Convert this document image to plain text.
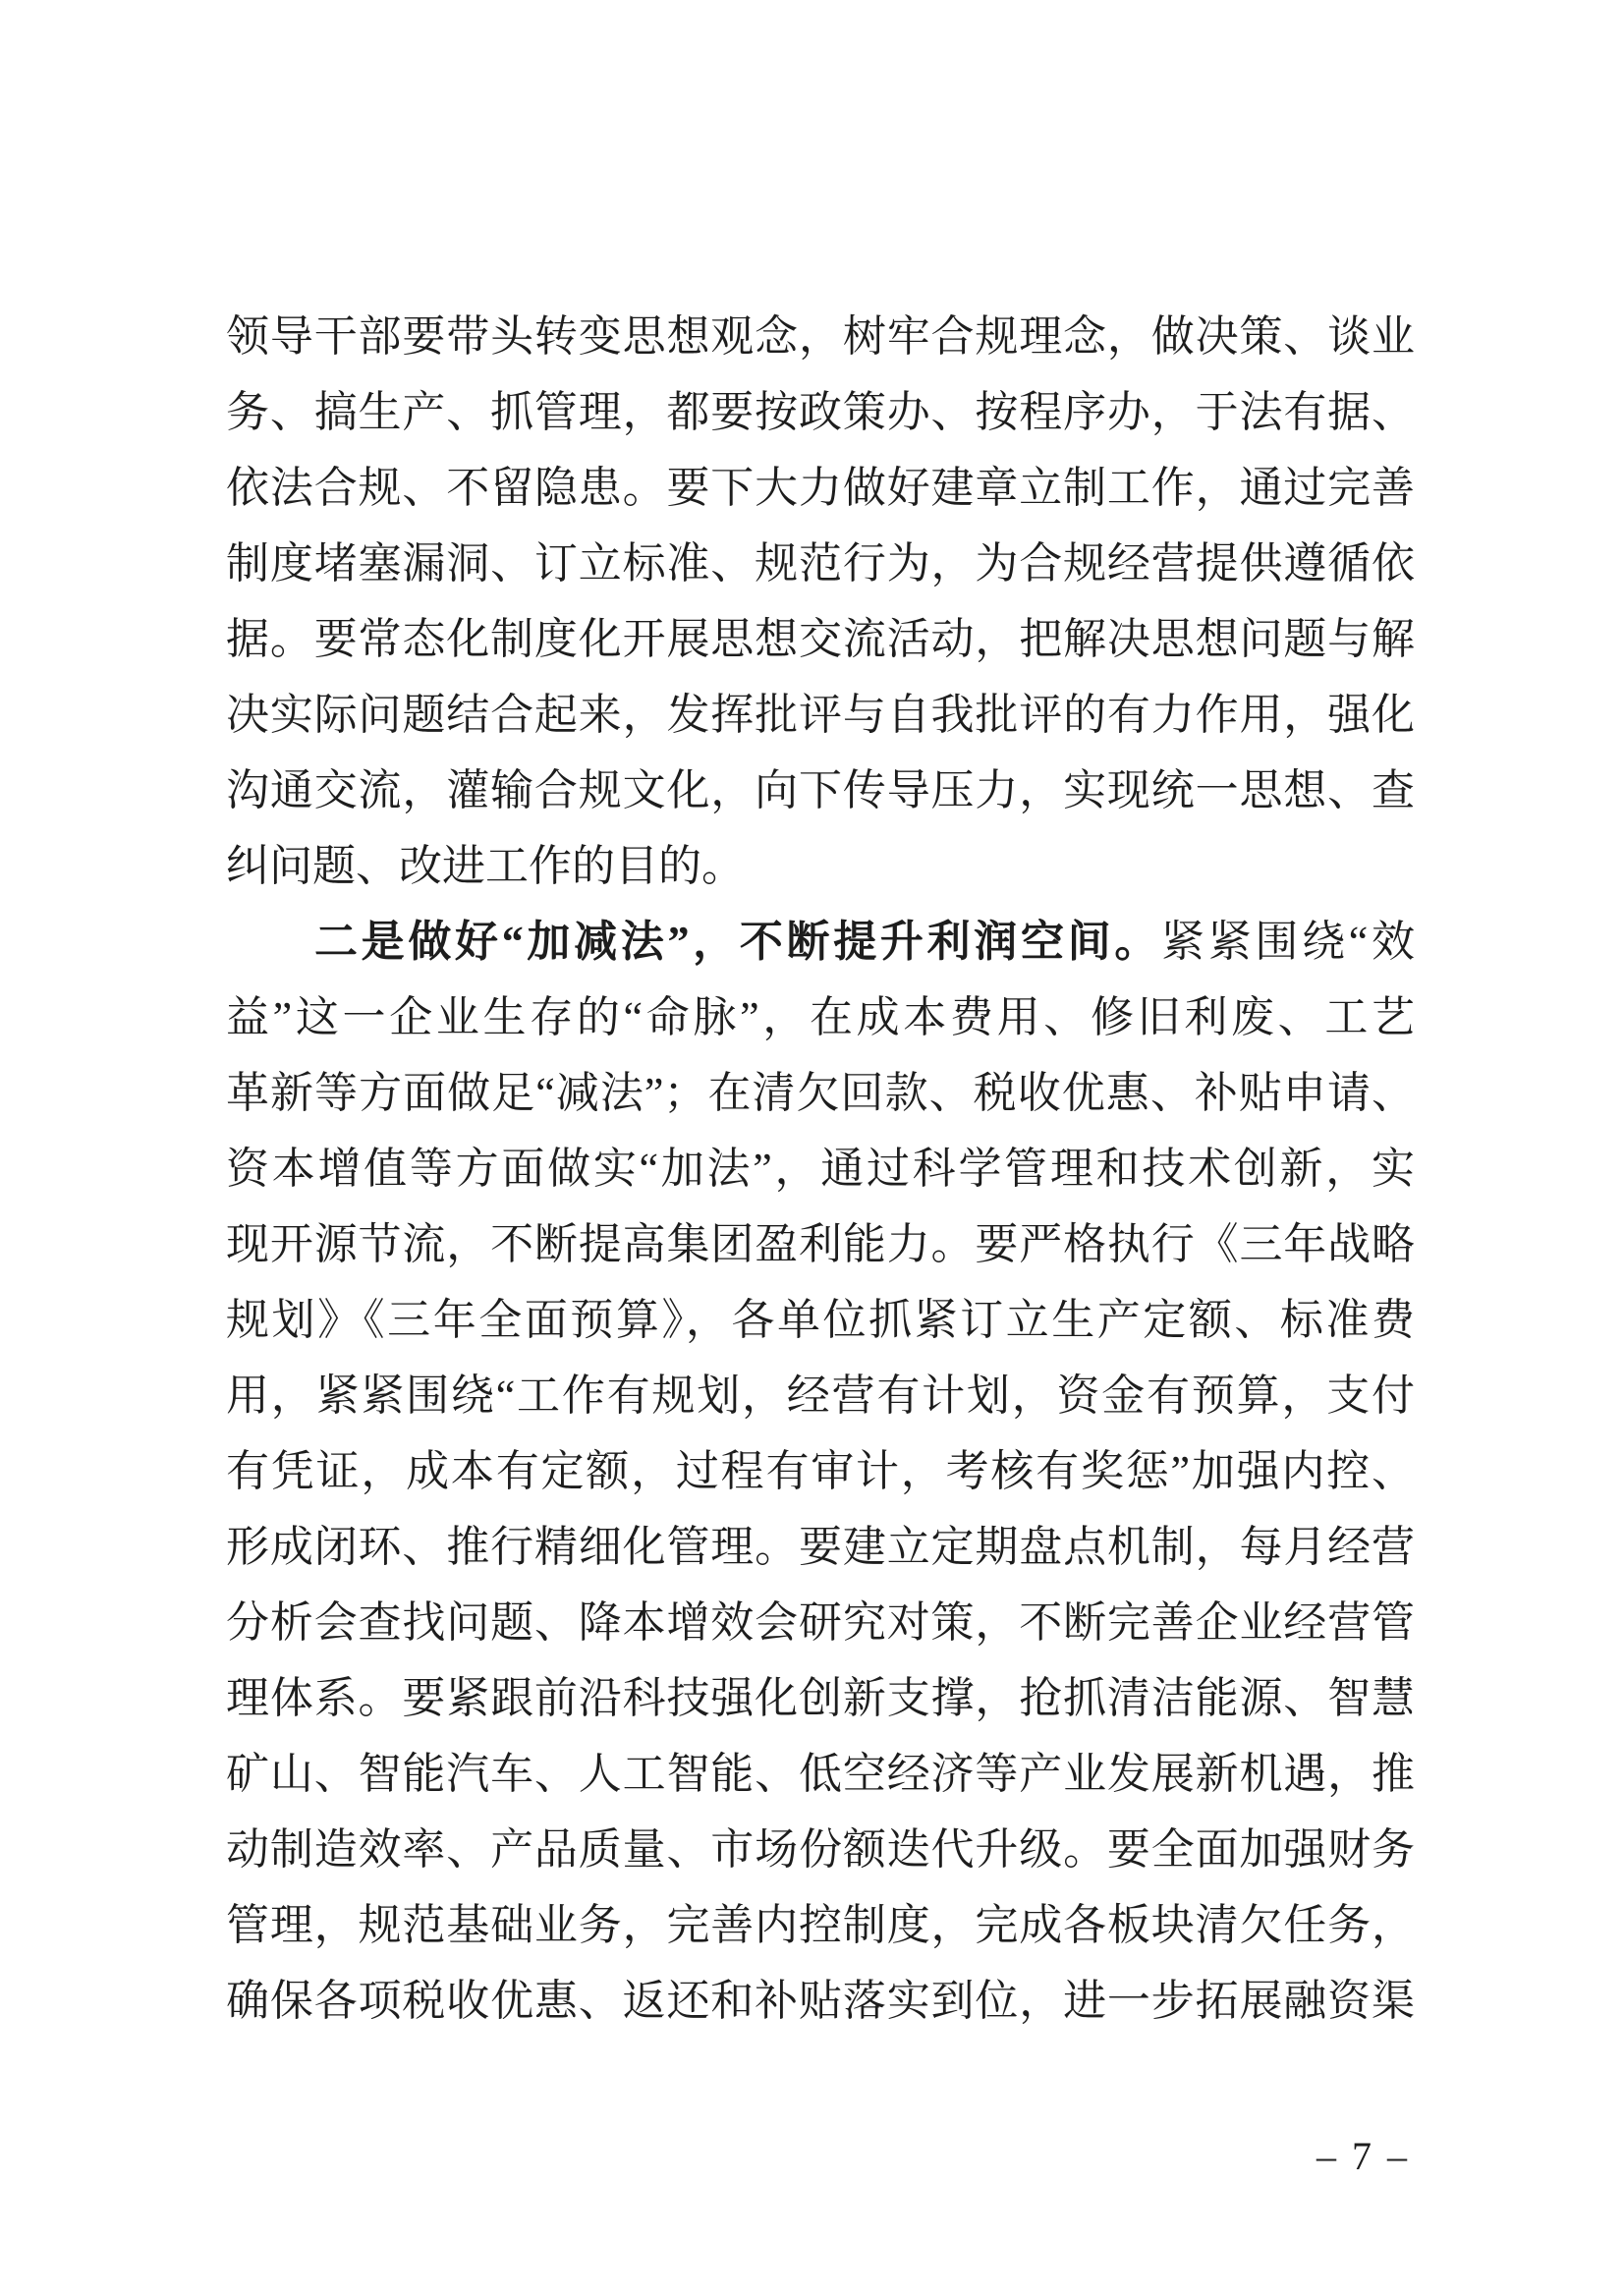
领导干部要带头转变思想观念，树牢合规理念，做决策、谈业
务、搞生产、抓管理，都要按政策办、按程序办，于法有据、
依法合规、不留隐患。要下大力做好建章立制工作，通过完善
制度堵塞漏洞、订立标准、规范行为，为合规经营提供遵循依
据。要常态化制度化开展思想交流活动，把解决思想问题与解
决实际问题结合起来，发挥批评与自我批评的有力作用，强化
沟通交流，灌输合规文化，向下传导压力，实现统一思想、查
纠问题、改进工作的目的。
二是做好“加减法”，不断提升利润空间。紧紧围绕“效
益”这一企业生存的“命脉”，在成本费用、修旧利废、工艺
革新等方面做足“减法”；在清欠回款、税收优惠、补贴申请、
资本增值等方面做实“加法”，通过科学管理和技术创新，实
现开源节流，不断提高集团盈利能力。要严格执行《三年战略
规划》《三年全面预算》，各单位抓紧订立生产定额、标准费
用，紧紧围绕“工作有规划，经营有计划，资金有预算，支付
有凭证，成本有定额，过程有审计，考核有奖惩”加强内控、
形成闭环、推行精细化管理。要建立定期盘点机制，每月经营
分析会查找问题、降本增效会研究对策，不断完善企业经营管
理体系。要紧跟前沿科技强化创新支撑，抢抓清洁能源、智慧
矿山、智能汽车、人工智能、低空经济等产业发展新机遇，推
动制造效率、产品质量、市场份额迭代升级。要全面加强财务
管理，规范基础业务，完善内控制度，完成各板块清欠任务，
确保各项税收优惠、返还和补贴落实到位，进一步拓展融资渠
– 7 –
